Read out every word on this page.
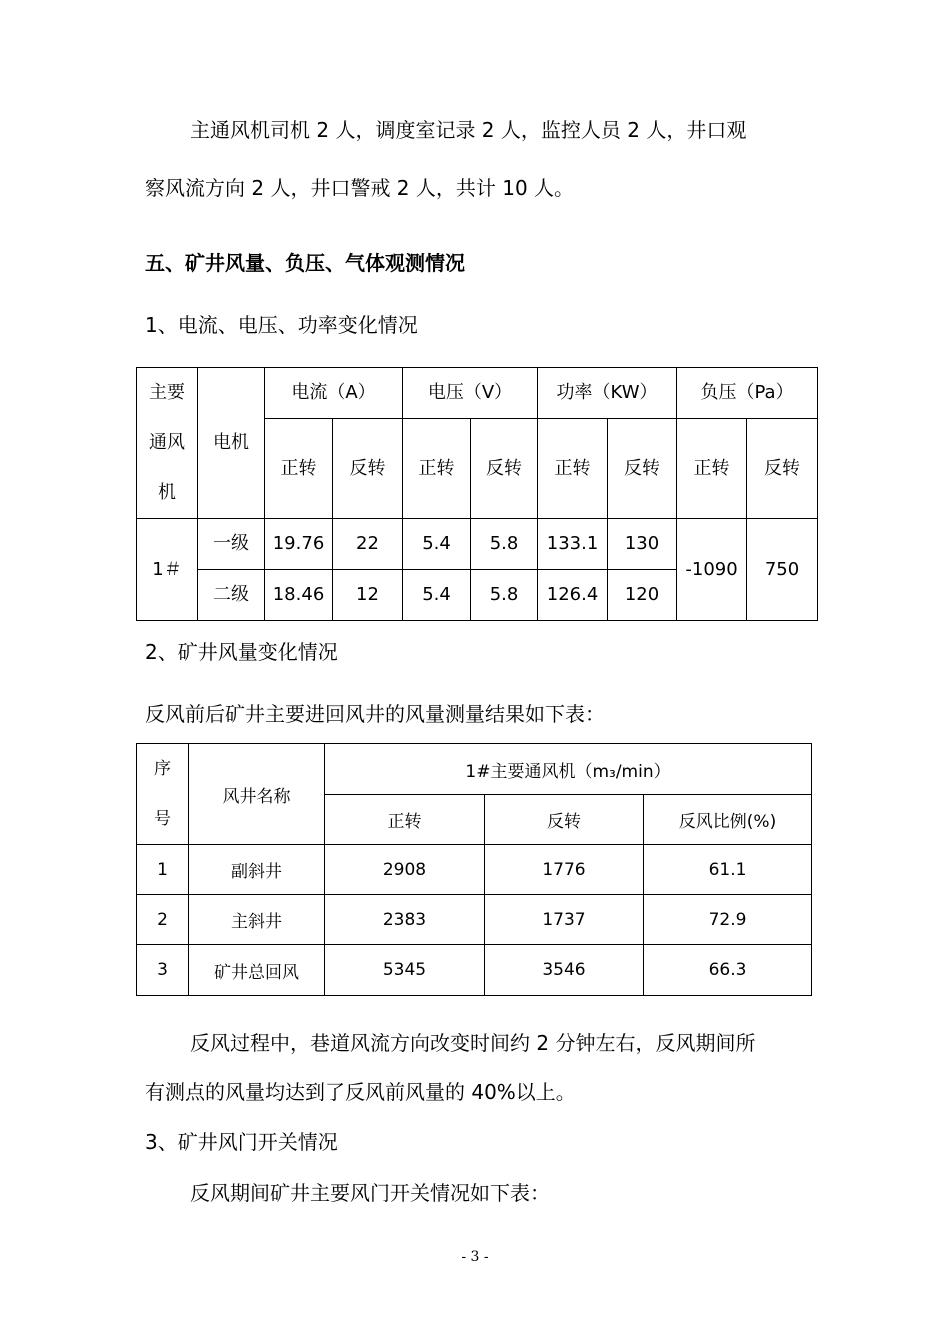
主通风机司机 2 人，调度室记录 2 人，监控人员 2 人，井口观
察风流方向 2 人，井口警戒 2 人，共计 10 人。
五、矿井风量、负压、气体观测情况
1、电流、电压、功率变化情况
主要
通风
机	电机	电流（A）		电压（V）		功率（KW）		负压（Pa）	
		正转	反转	正转	反转	正转	反转	正转	反转
1＃	一级	19.76	22	5.4	5.8	133.1	130	-1090	750
	二级	18.46	12	5.4	5.8	126.4	120		
2、矿井风量变化情况
反风前后矿井主要进回风井的风量测量结果如下表：
序
号	风井名称	1#主要通风机（m₃/min）		
		正转	反转	反风比例(%)
1	副斜井	2908	1776	61.1
2	主斜井	2383	1737	72.9
3	矿井总回风	5345	3546	66.3
反风过程中，巷道风流方向改变时间约 2 分钟左右，反风期间所
有测点的风量均达到了反风前风量的 40%以上。
3、矿井风门开关情况
反风期间矿井主要风门开关情况如下表：
- 3 -
